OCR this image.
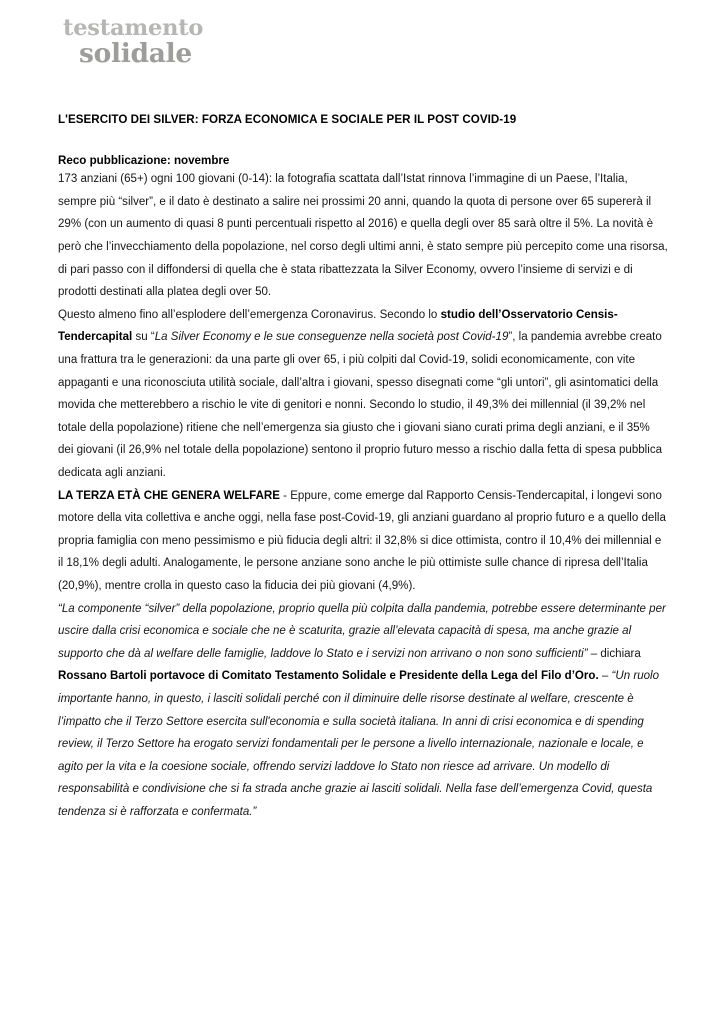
testamento
solidale
L'ESERCITO DEI SILVER: FORZA ECONOMICA E SOCIALE PER IL POST COVID-19
Reco pubblicazione: novembre

173 anziani (65+) ogni 100 giovani (0-14): la fotografia scattata dall’Istat rinnova l’immagine di un Paese, l’Italia, sempre più “silver”, e il dato è destinato a salire nei prossimi 20 anni, quando la quota di persone over 65 supererà il 29% (con un aumento di quasi 8 punti percentuali rispetto al 2016) e quella degli over 85 sarà oltre il 5%. La novità è però che l’invecchiamento della popolazione, nel corso degli ultimi anni, è stato sempre più percepito come una risorsa, di pari passo con il diffondersi di quella che è stata ribattezzata la Silver Economy, ovvero l’insieme di servizi e di prodotti destinati alla platea degli over 50.

Questo almeno fino all’esplodere dell’emergenza Coronavirus. Secondo lo studio dell’Osservatorio Censis-Tendercapital su “La Silver Economy e le sue conseguenze nella società post Covid-19”, la pandemia avrebbe creato una frattura tra le generazioni: da una parte gli over 65, i più colpiti dal Covid-19, solidi economicamente, con vite appaganti e una riconosciuta utilità sociale, dall’altra i giovani, spesso disegnati come “gli untori”, gli asintomatici della movida che metterebbero a rischio le vite di genitori e nonni. Secondo lo studio, il 49,3% dei millennial (il 39,2% nel totale della popolazione) ritiene che nell’emergenza sia giusto che i giovani siano curati prima degli anziani, e il 35% dei giovani (il 26,9% nel totale della popolazione) sentono il proprio futuro messo a rischio dalla fetta di spesa pubblica dedicata agli anziani.

LA TERZA ETÀ CHE GENERA WELFARE - Eppure, come emerge dal Rapporto Censis-Tendercapital, i longevi sono motore della vita collettiva e anche oggi, nella fase post-Covid-19, gli anziani guardano al proprio futuro e a quello della propria famiglia con meno pessimismo e più fiducia degli altri: il 32,8% si dice ottimista, contro il 10,4% dei millennial e il 18,1% degli adulti. Analogamente, le persone anziane sono anche le più ottimiste sulle chance di ripresa dell’Italia (20,9%), mentre crolla in questo caso la fiducia dei più giovani (4,9%).

“La componente “silver” della popolazione, proprio quella più colpita dalla pandemia, potrebbe essere determinante per uscire dalla crisi economica e sociale che ne è scaturita, grazie all’elevata capacità di spesa, ma anche grazie al supporto che dà al welfare delle famiglie, laddove lo Stato e i servizi non arrivano o non sono sufficienti” – dichiara Rossano Bartoli portavoce di Comitato Testamento Solidale e Presidente della Lega del Filo d’Oro. – “Un ruolo importante hanno, in questo, i lasciti solidali perché con il diminuire delle risorse destinate al welfare, crescente è l’impatto che il Terzo Settore esercita sull'economia e sulla società italiana. In anni di crisi economica e di spending review, il Terzo Settore ha erogato servizi fondamentali per le persone a livello internazionale, nazionale e locale, e agito per la vita e la coesione sociale, offrendo servizi laddove lo Stato non riesce ad arrivare. Un modello di responsabilità e condivisione che si fa strada anche grazie ai lasciti solidali. Nella fase dell’emergenza Covid, questa tendenza si è rafforzata e confermata.”
